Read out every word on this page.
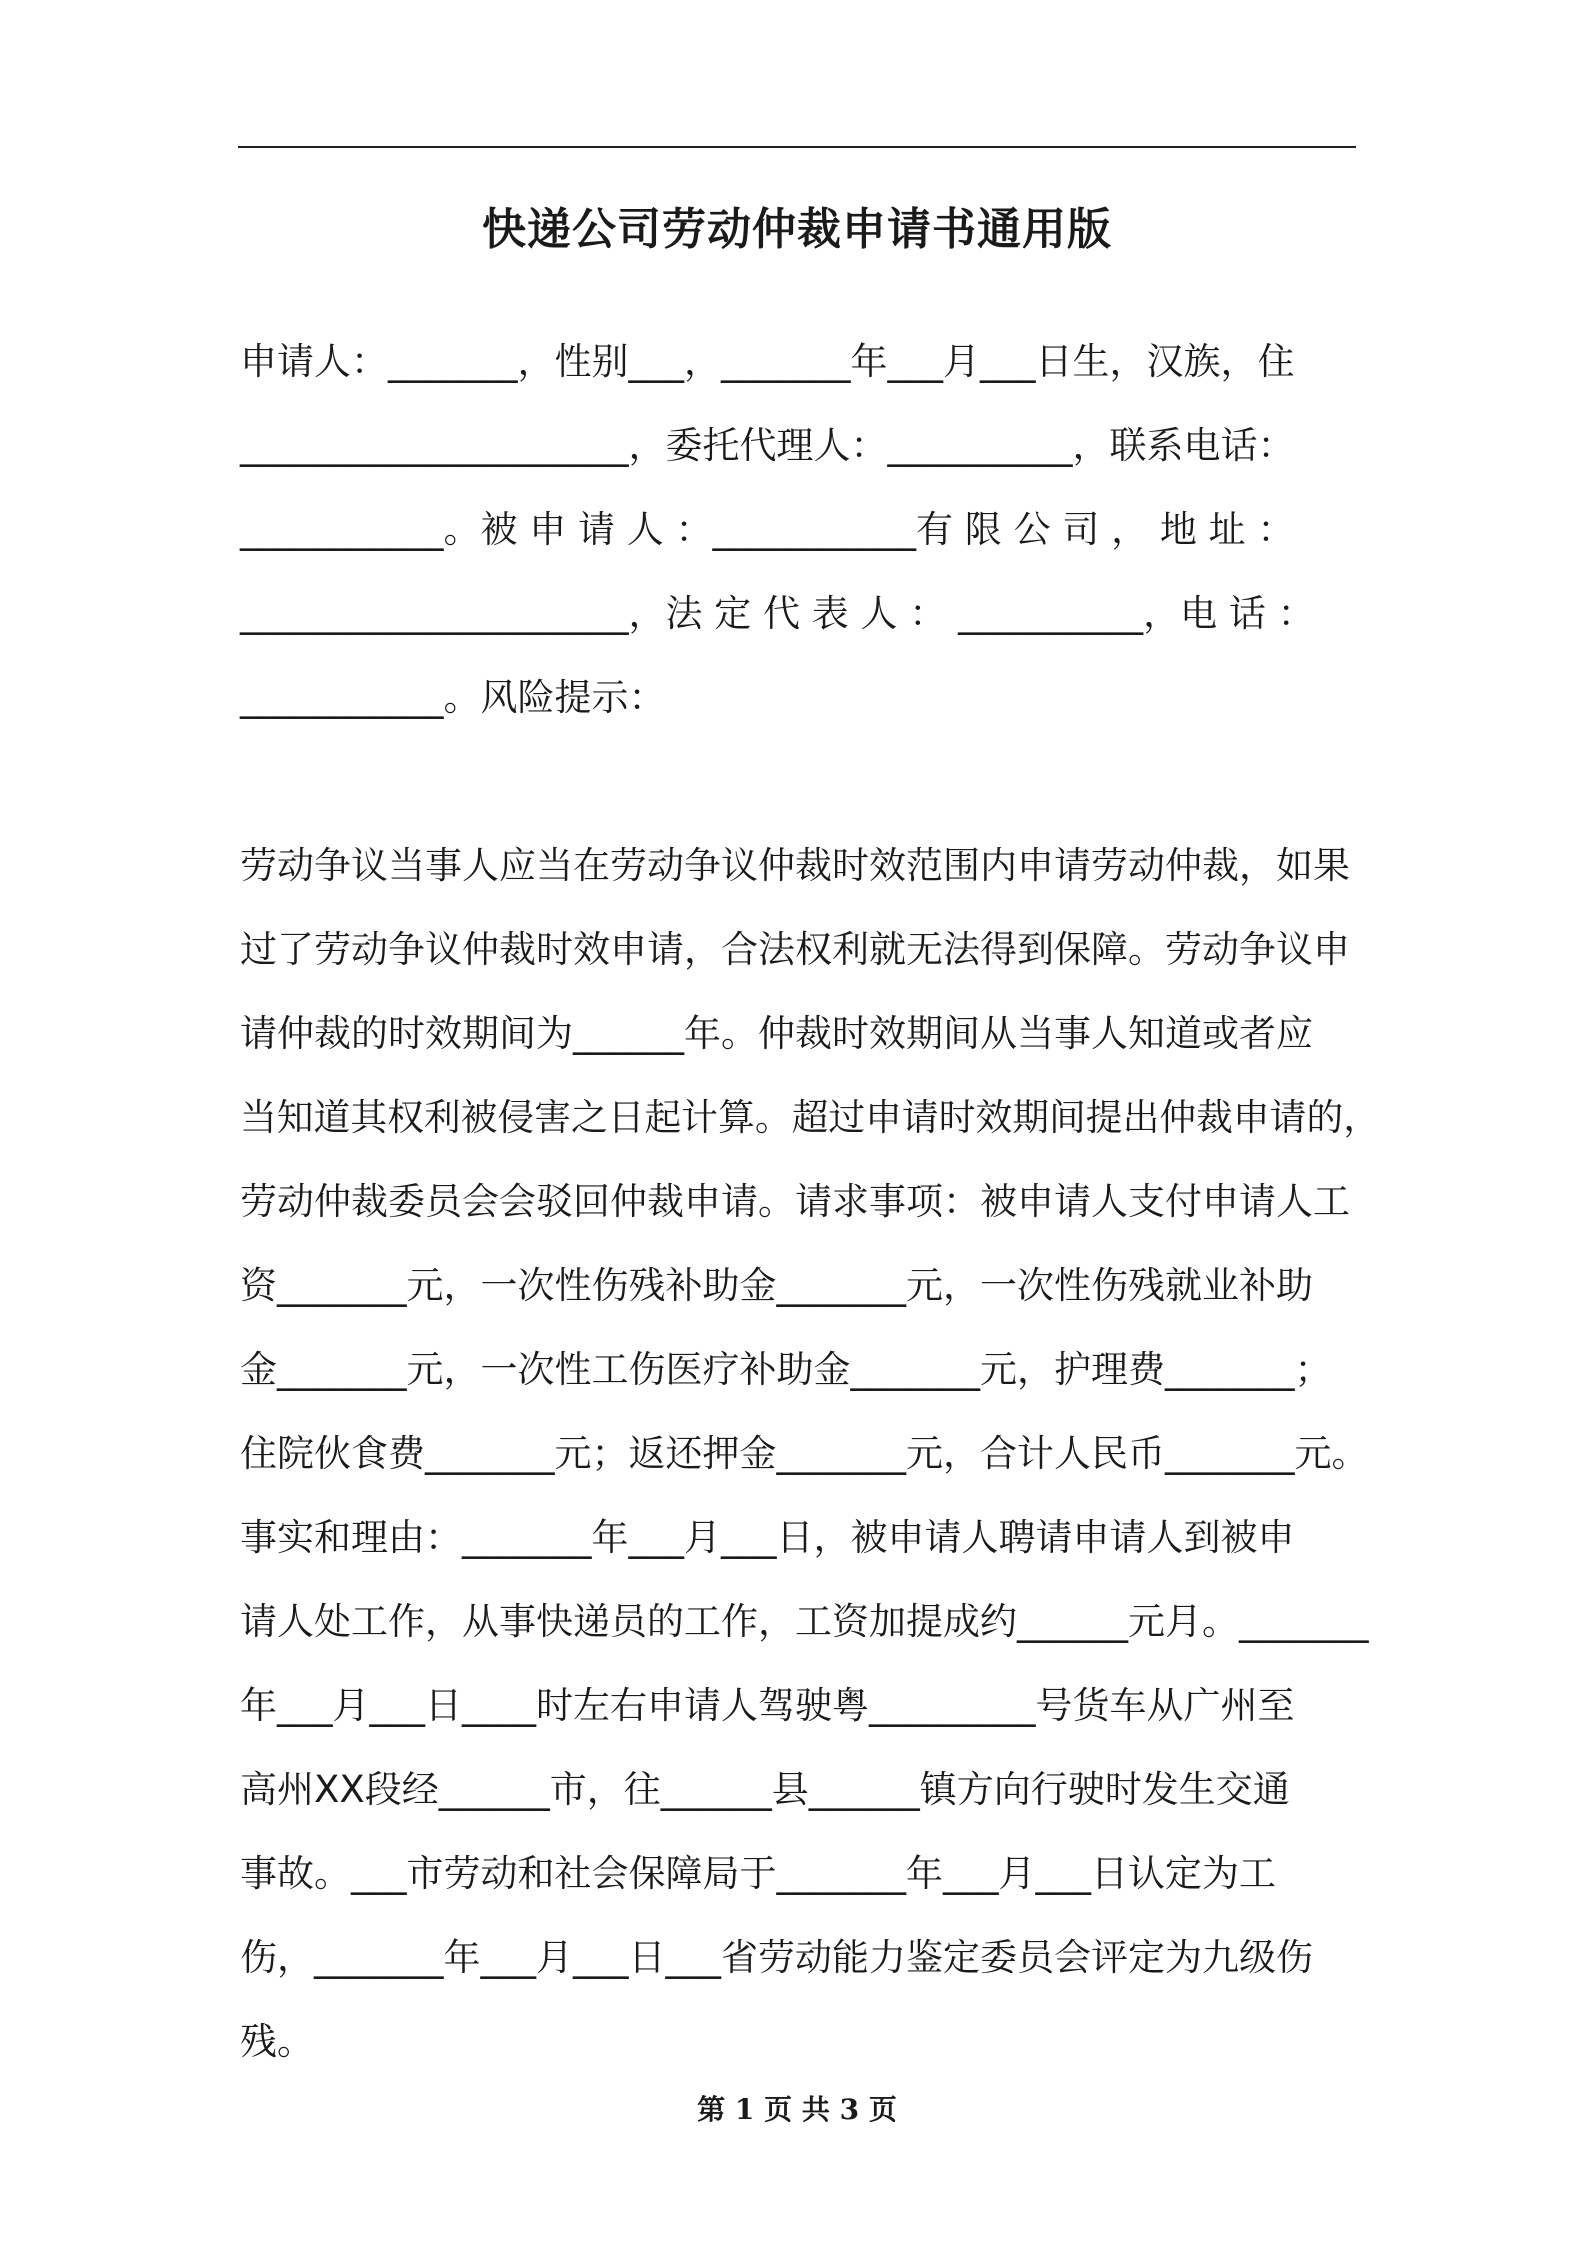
快递公司劳动仲裁申请书通用版
申请人：_______，性别___，_______年___月___日生，汉族，住
_____________________，委托代理人：__________，联系电话：
___________。被 申 请 人 ：___________有 限 公 司 ， 地 址 ：
_____________________，法 定 代 表 人 ： __________，电 话 ：
___________。风险提示：
劳动争议当事人应当在劳动争议仲裁时效范围内申请劳动仲裁，如果
过了劳动争议仲裁时效申请，合法权利就无法得到保障。劳动争议申
请仲裁的时效期间为______年。仲裁时效期间从当事人知道或者应
当知道其权利被侵害之日起计算。超过申请时效期间提出仲裁申请的，
劳动仲裁委员会会驳回仲裁申请。请求事项：被申请人支付申请人工
资_______元，一次性伤残补助金_______元，一次性伤残就业补助
金_______元，一次性工伤医疗补助金_______元，护理费_______；
住院伙食费_______元；返还押金_______元，合计人民币_______元。
事实和理由：_______年___月___日，被申请人聘请申请人到被申
请人处工作，从事快递员的工作，工资加提成约______元月。_______
年___月___日____时左右申请人驾驶粤_________号货车从广州至
高州XX段经______市，往______县______镇方向行驶时发生交通
事故。___市劳动和社会保障局于_______年___月___日认定为工
伤，_______年___月___日___省劳动能力鉴定委员会评定为九级伤
残。
第 1 页 共 3 页
